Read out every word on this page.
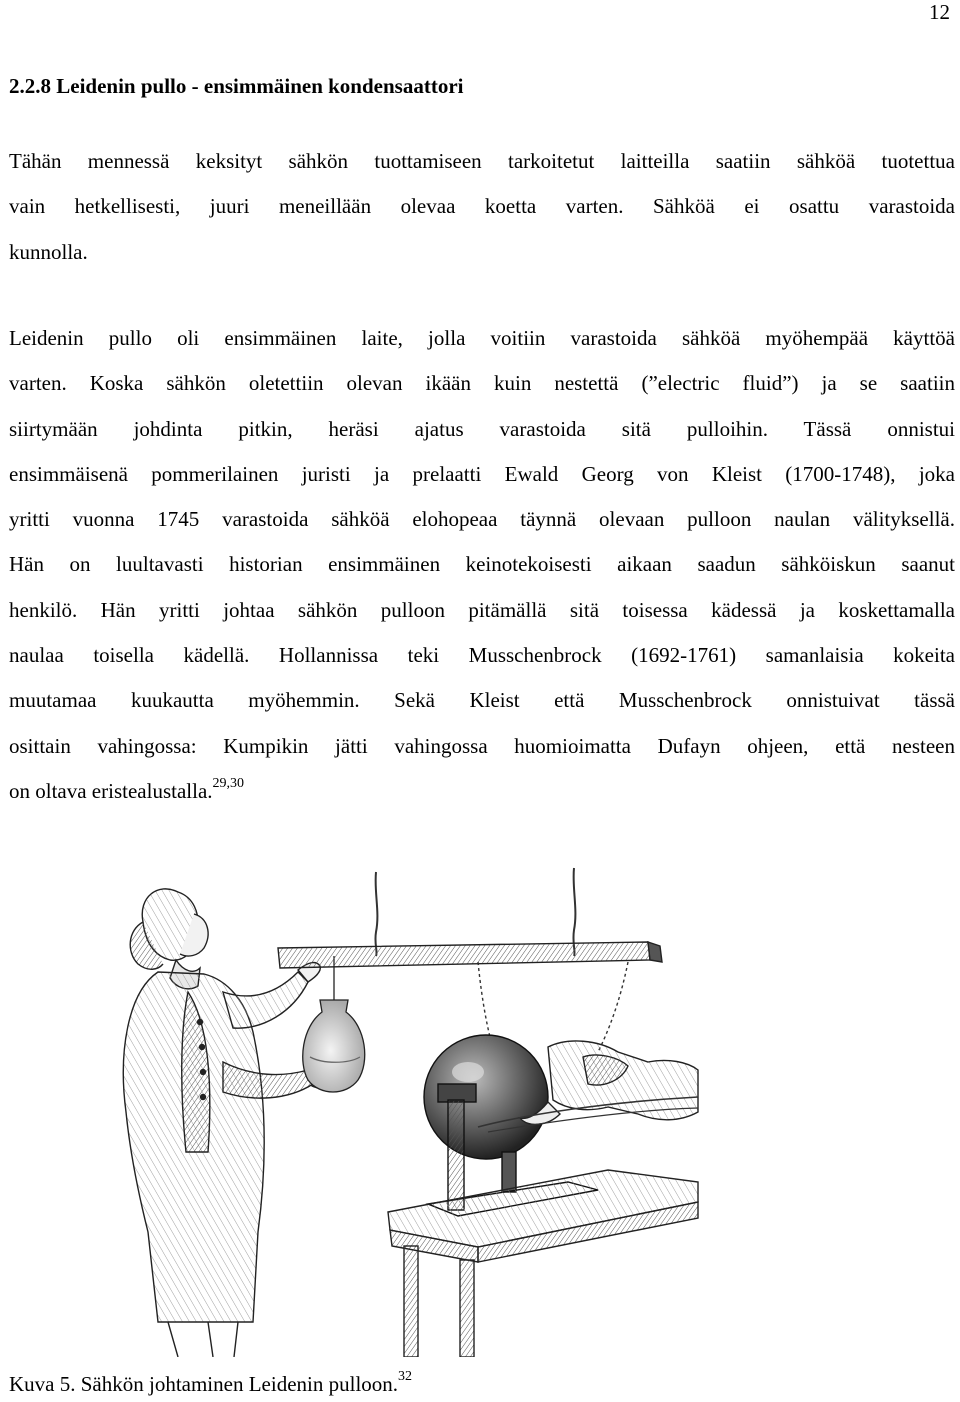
12
2.2.8 Leidenin pullo - ensimmäinen kondensaattori

Tähän mennessä keksityt sähkön tuottamiseen tarkoitetut laitteilla saatiin sähköä tuotettua
vain hetkellisesti, juuri meneillään olevaa koetta varten. Sähköä ei osattu varastoida
kunnolla.

Leidenin pullo oli ensimmäinen laite, jolla voitiin varastoida sähköä myöhempää käyttöä
varten. Koska sähkön oletettiin olevan ikään kuin nestettä (”electric fluid”) ja se saatiin
siirtymään johdinta pitkin, heräsi ajatus varastoida sitä pulloihin. Tässä onnistui
ensimmäisenä pommerilainen juristi ja prelaatti Ewald Georg von Kleist (1700-1748), joka
yritti vuonna 1745 varastoida sähköä elohopeaa täynnä olevaan pulloon naulan välityksellä.
Hän on luultavasti historian ensimmäinen keinotekoisesti aikaan saadun sähköiskun saanut
henkilö. Hän yritti johtaa sähkön pulloon pitämällä sitä toisessa kädessä ja koskettamalla
naulaa toisella kädellä. Hollannissa teki Musschenbrock (1692-1761) samanlaisia kokeita
muutamaa kuukautta myöhemmin. Sekä Kleist että Musschenbrock onnistuivat tässä
osittain vahingossa: Kumpikin jätti vahingossa huomioimatta Dufayn ohjeen, että nesteen
on oltava eristealustalla.$^{29,30}$

Kuva 5. Sähkön johtaminen Leidenin pulloon.$^{32}$
